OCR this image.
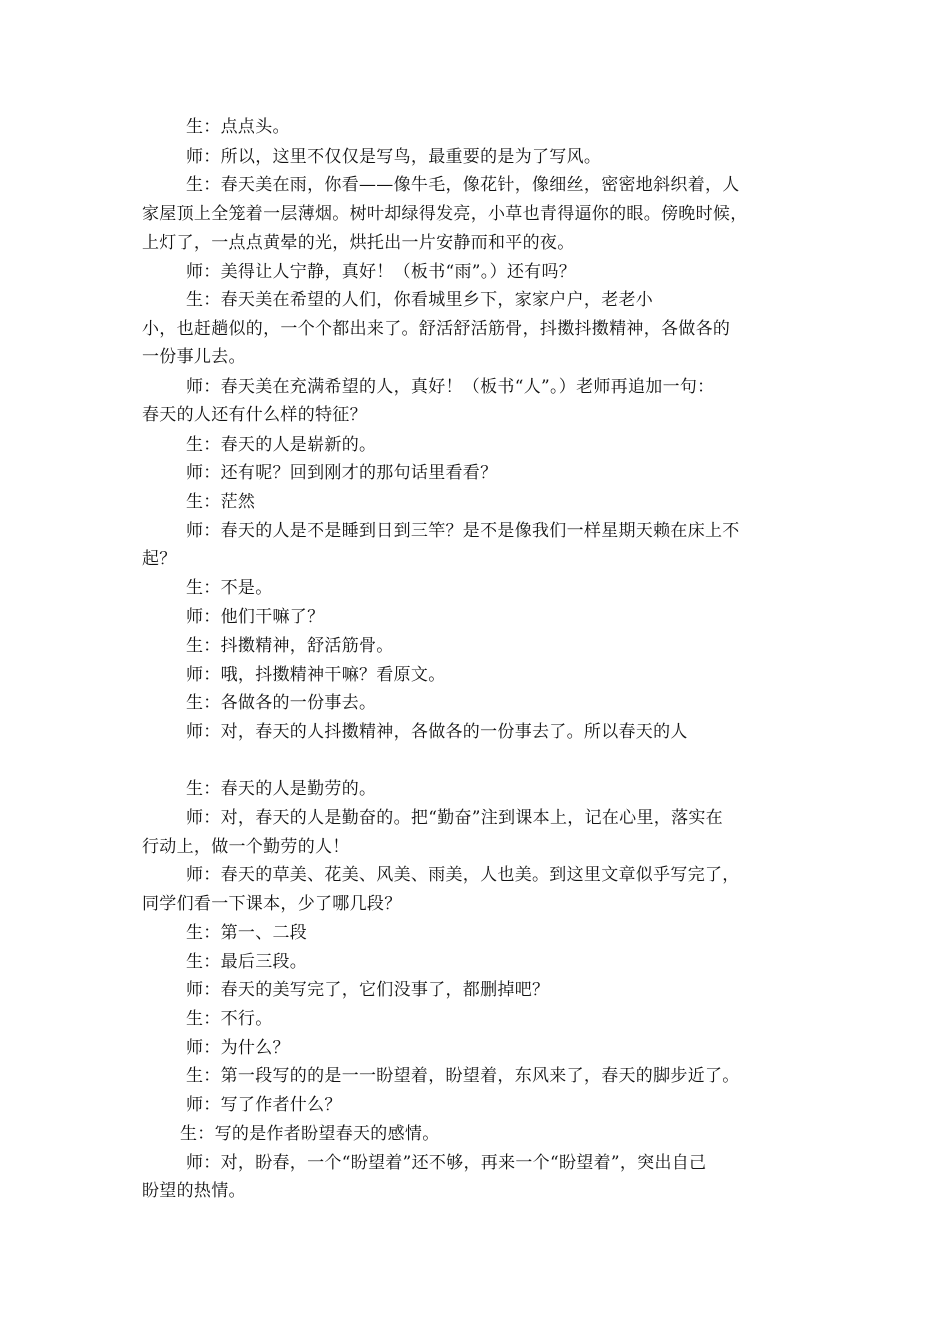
生：点点头。
师：所以，这里不仅仅是写鸟，最重要的是为了写风。
生：春天美在雨，你看——像牛毛，像花针，像细丝，密密地斜织着，人
家屋顶上全笼着一层薄烟。树叶却绿得发亮，小草也青得逼你的眼。傍晚时候，
上灯了，一点点黄晕的光，烘托出一片安静而和平的夜。
师：美得让人宁静，真好！（板书“雨”。）还有吗？
生：春天美在希望的人们，你看城里乡下，家家户户，老老小
小，也赶趟似的，一个个都出来了。舒活舒活筋骨，抖擞抖擞精神，各做各的
一份事儿去。
师：春天美在充满希望的人，真好！（板书“人”。）老师再追加一句：
春天的人还有什么样的特征？
生：春天的人是崭新的。
师：还有呢？回到刚才的那句话里看看？
生：茫然
师：春天的人是不是睡到日到三竿？是不是像我们一样星期天赖在床上不
起？
生：不是。
师：他们干嘛了？
生：抖擞精神，舒活筋骨。
师：哦，抖擞精神干嘛？看原文。
生：各做各的一份事去。
师：对，春天的人抖擞精神，各做各的一份事去了。所以春天的人
生：春天的人是勤劳的。
师：对，春天的人是勤奋的。把“勤奋”注到课本上，记在心里，落实在
行动上，做一个勤劳的人！
师：春天的草美、花美、风美、雨美，人也美。到这里文章似乎写完了，
同学们看一下课本，少了哪几段？
生：第一、二段
生：最后三段。
师：春天的美写完了，它们没事了，都删掉吧？
生：不行。
师：为什么？
生：第一段写的的是一一盼望着，盼望着，东风来了，春天的脚步近了。
师：写了作者什么？
生：写的是作者盼望春天的感情。
师：对，盼春，一个“盼望着”还不够，再来一个“盼望着”，突出自己
盼望的热情。
